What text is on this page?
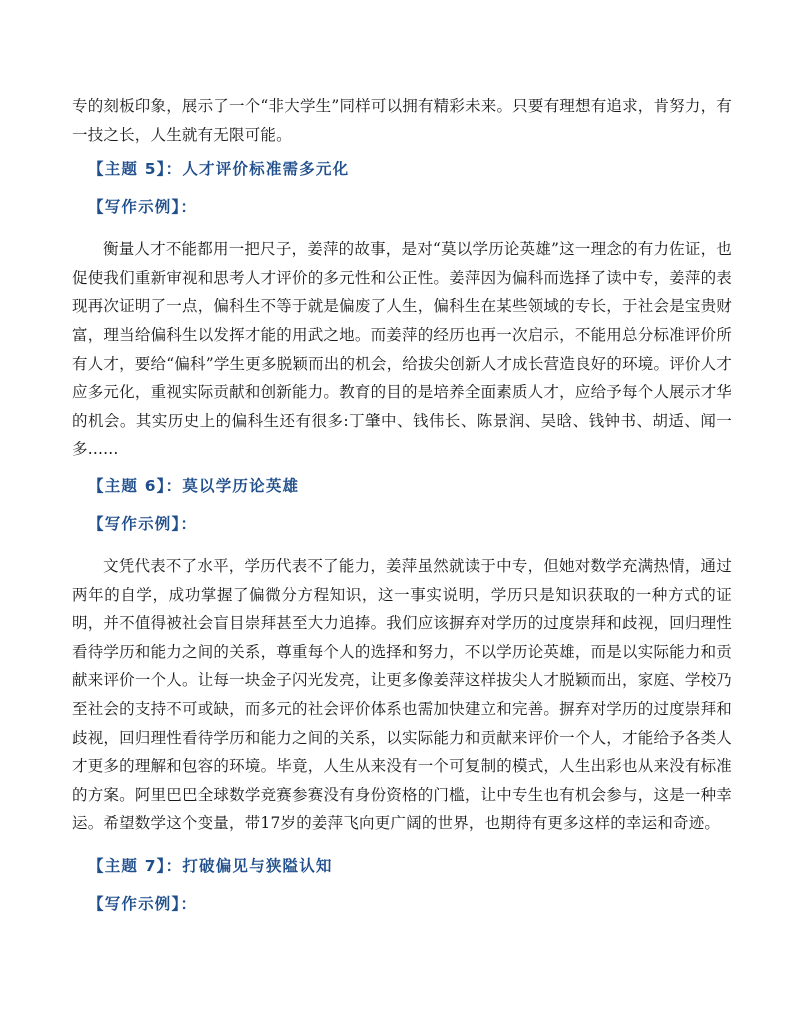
专的刻板印象，展示了一个“非大学生”同样可以拥有精彩未来。只要有理想有追求，肯努力，有一技之长，人生就有无限可能。

【主题 5】：人才评价标准需多元化

【写作示例】：

衡量人才不能都用一把尺子，姜萍的故事，是对“莫以学历论英雄”这一理念的有力佐证，也促使我们重新审视和思考人才评价的多元性和公正性。姜萍因为偏科而选择了读中专，姜萍的表现再次证明了一点，偏科生不等于就是偏废了人生，偏科生在某些领域的专长，于社会是宝贵财富，理当给偏科生以发挥才能的用武之地。而姜萍的经历也再一次启示，不能用总分标准评价所有人才，要给“偏科”学生更多脱颖而出的机会，给拔尖创新人才成长营造良好的环境。评价人才应多元化，重视实际贡献和创新能力。教育的目的是培养全面素质人才，应给予每个人展示才华的机会。其实历史上的偏科生还有很多:丁肇中、钱伟长、陈景润、吴晗、钱钟书、胡适、闻一多......

【主题 6】：莫以学历论英雄

【写作示例】：

文凭代表不了水平，学历代表不了能力，姜萍虽然就读于中专，但她对数学充满热情，通过两年的自学，成功掌握了偏微分方程知识，这一事实说明，学历只是知识获取的一种方式的证明，并不值得被社会盲目崇拜甚至大力追捧。我们应该摒弃对学历的过度崇拜和歧视，回归理性看待学历和能力之间的关系，尊重每个人的选择和努力，不以学历论英雄，而是以实际能力和贡献来评价一个人。让每一块金子闪光发亮，让更多像姜萍这样拔尖人才脱颖而出，家庭、学校乃至社会的支持不可或缺，而多元的社会评价体系也需加快建立和完善。摒弃对学历的过度崇拜和歧视，回归理性看待学历和能力之间的关系，以实际能力和贡献来评价一个人，才能给予各类人才更多的理解和包容的环境。毕竟，人生从来没有一个可复制的模式，人生出彩也从来没有标准的方案。阿里巴巴全球数学竞赛参赛没有身份资格的门槛，让中专生也有机会参与，这是一种幸运。希望数学这个变量，带17岁的姜萍飞向更广阔的世界，也期待有更多这样的幸运和奇迹。

【主题 7】：打破偏见与狭隘认知

【写作示例】：
